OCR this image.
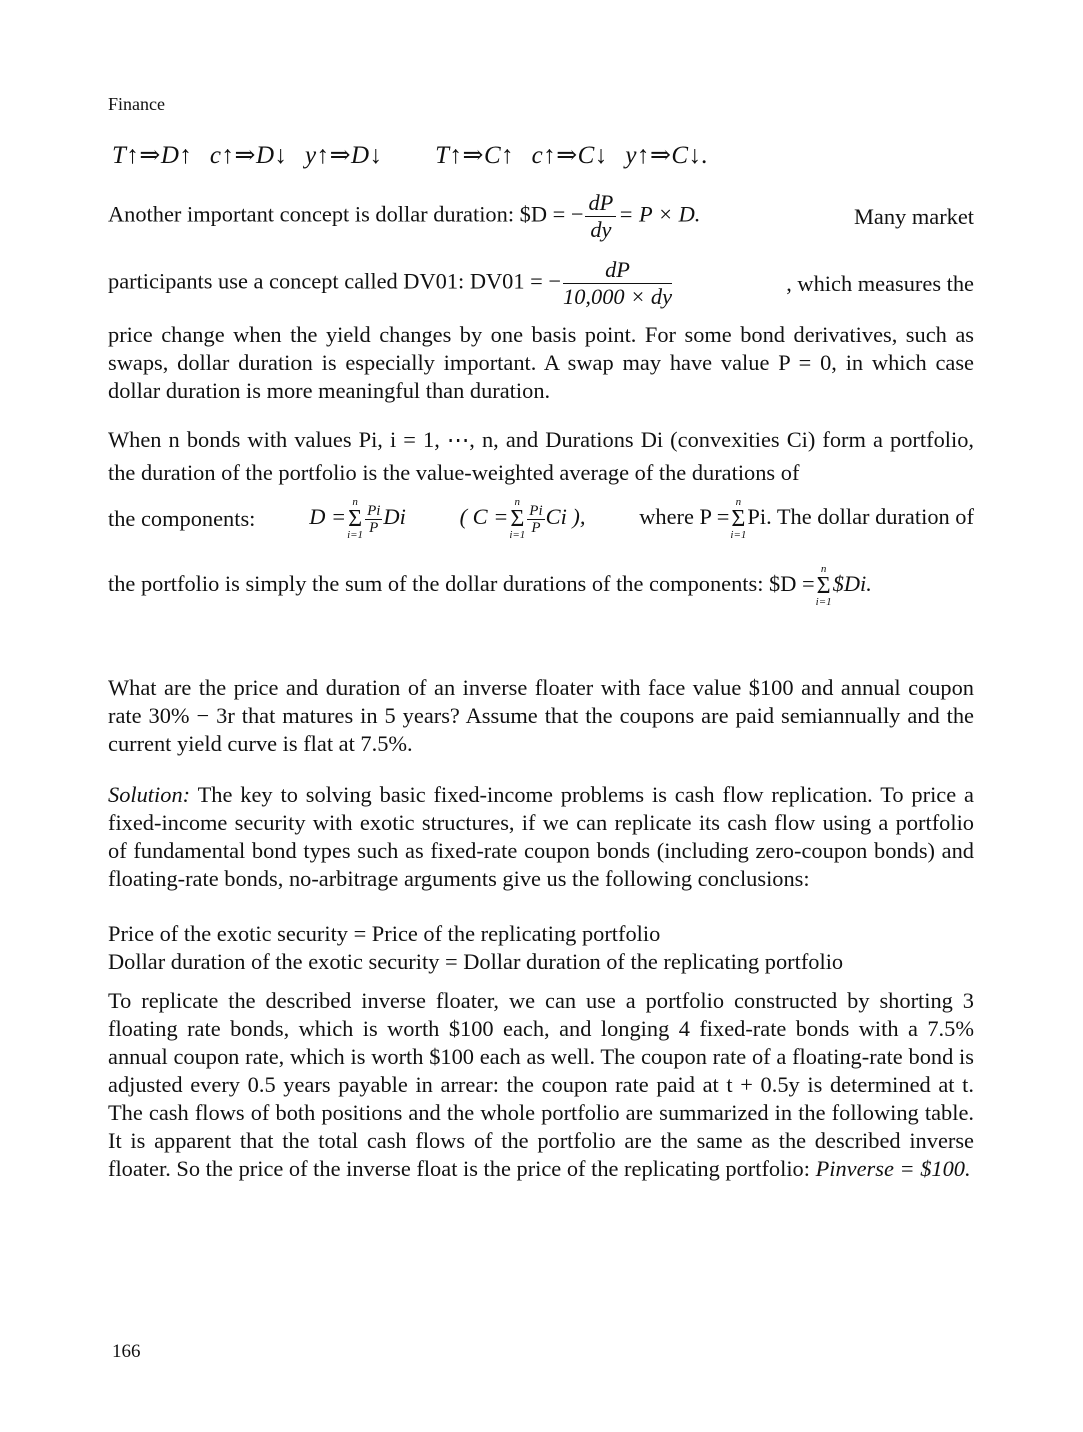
Finance
T↑⇒D↑  c↑⇒D↓  y↑⇒D↓ T↑⇒C↑  c↑⇒C↓  y↑⇒C↓.
Another important concept is dollar duration: $D = − $\frac{dP}{dy} = P \times D$.	Many market
participants use a concept called DV01: DV01 = − $\frac{dP}{10,000 \times dy}$	, which measures the
price change when the yield changes by one basis point. For some bond derivatives, such as swaps, dollar duration is especially important. A swap may have value P = 0, in which case dollar duration is more meaningful than duration.
When n bonds with values Pi, i = 1, ⋯, n, and Durations Di (convexities Ci) form a portfolio, the duration of the portfolio is the value-weighted average of the durations of
the components: D =n
Σ
$i=1 \frac{Pi}{P}Di$ ( C =n
Σ
$i=1 \frac{Pi}{P}Ci$ ), where P =n
Σ
i=1Pi. The dollar duration of
the portfolio is simply the sum of the dollar durations of the components: $D =n
Σ
i=1$Di.
What are the price and duration of an inverse floater with face value $100 and annual coupon rate 30% − 3r that matures in 5 years? Assume that the coupons are paid semiannually and the current yield curve is flat at 7.5%.
Solution: The key to solving basic fixed-income problems is cash flow replication. To price a fixed-income security with exotic structures, if we can replicate its cash flow using a portfolio of fundamental bond types such as fixed-rate coupon bonds (including zero-coupon bonds) and floating-rate bonds, no-arbitrage arguments give us the following conclusions:
Price of the exotic security = Price of the replicating portfolio
Dollar duration of the exotic security = Dollar duration of the replicating portfolio
To replicate the described inverse floater, we can use a portfolio constructed by shorting 3 floating rate bonds, which is worth $100 each, and longing 4 fixed-rate bonds with a 7.5% annual coupon rate, which is worth $100 each as well. The coupon rate of a floating-rate bond is adjusted every 0.5 years payable in arrear: the coupon rate paid at t + 0.5y is determined at t. The cash flows of both positions and the whole portfolio are summarized in the following table. It is apparent that the total cash flows of the portfolio are the same as the described inverse floater. So the price of the inverse float is the price of the replicating portfolio: Pinverse = $100.
166
